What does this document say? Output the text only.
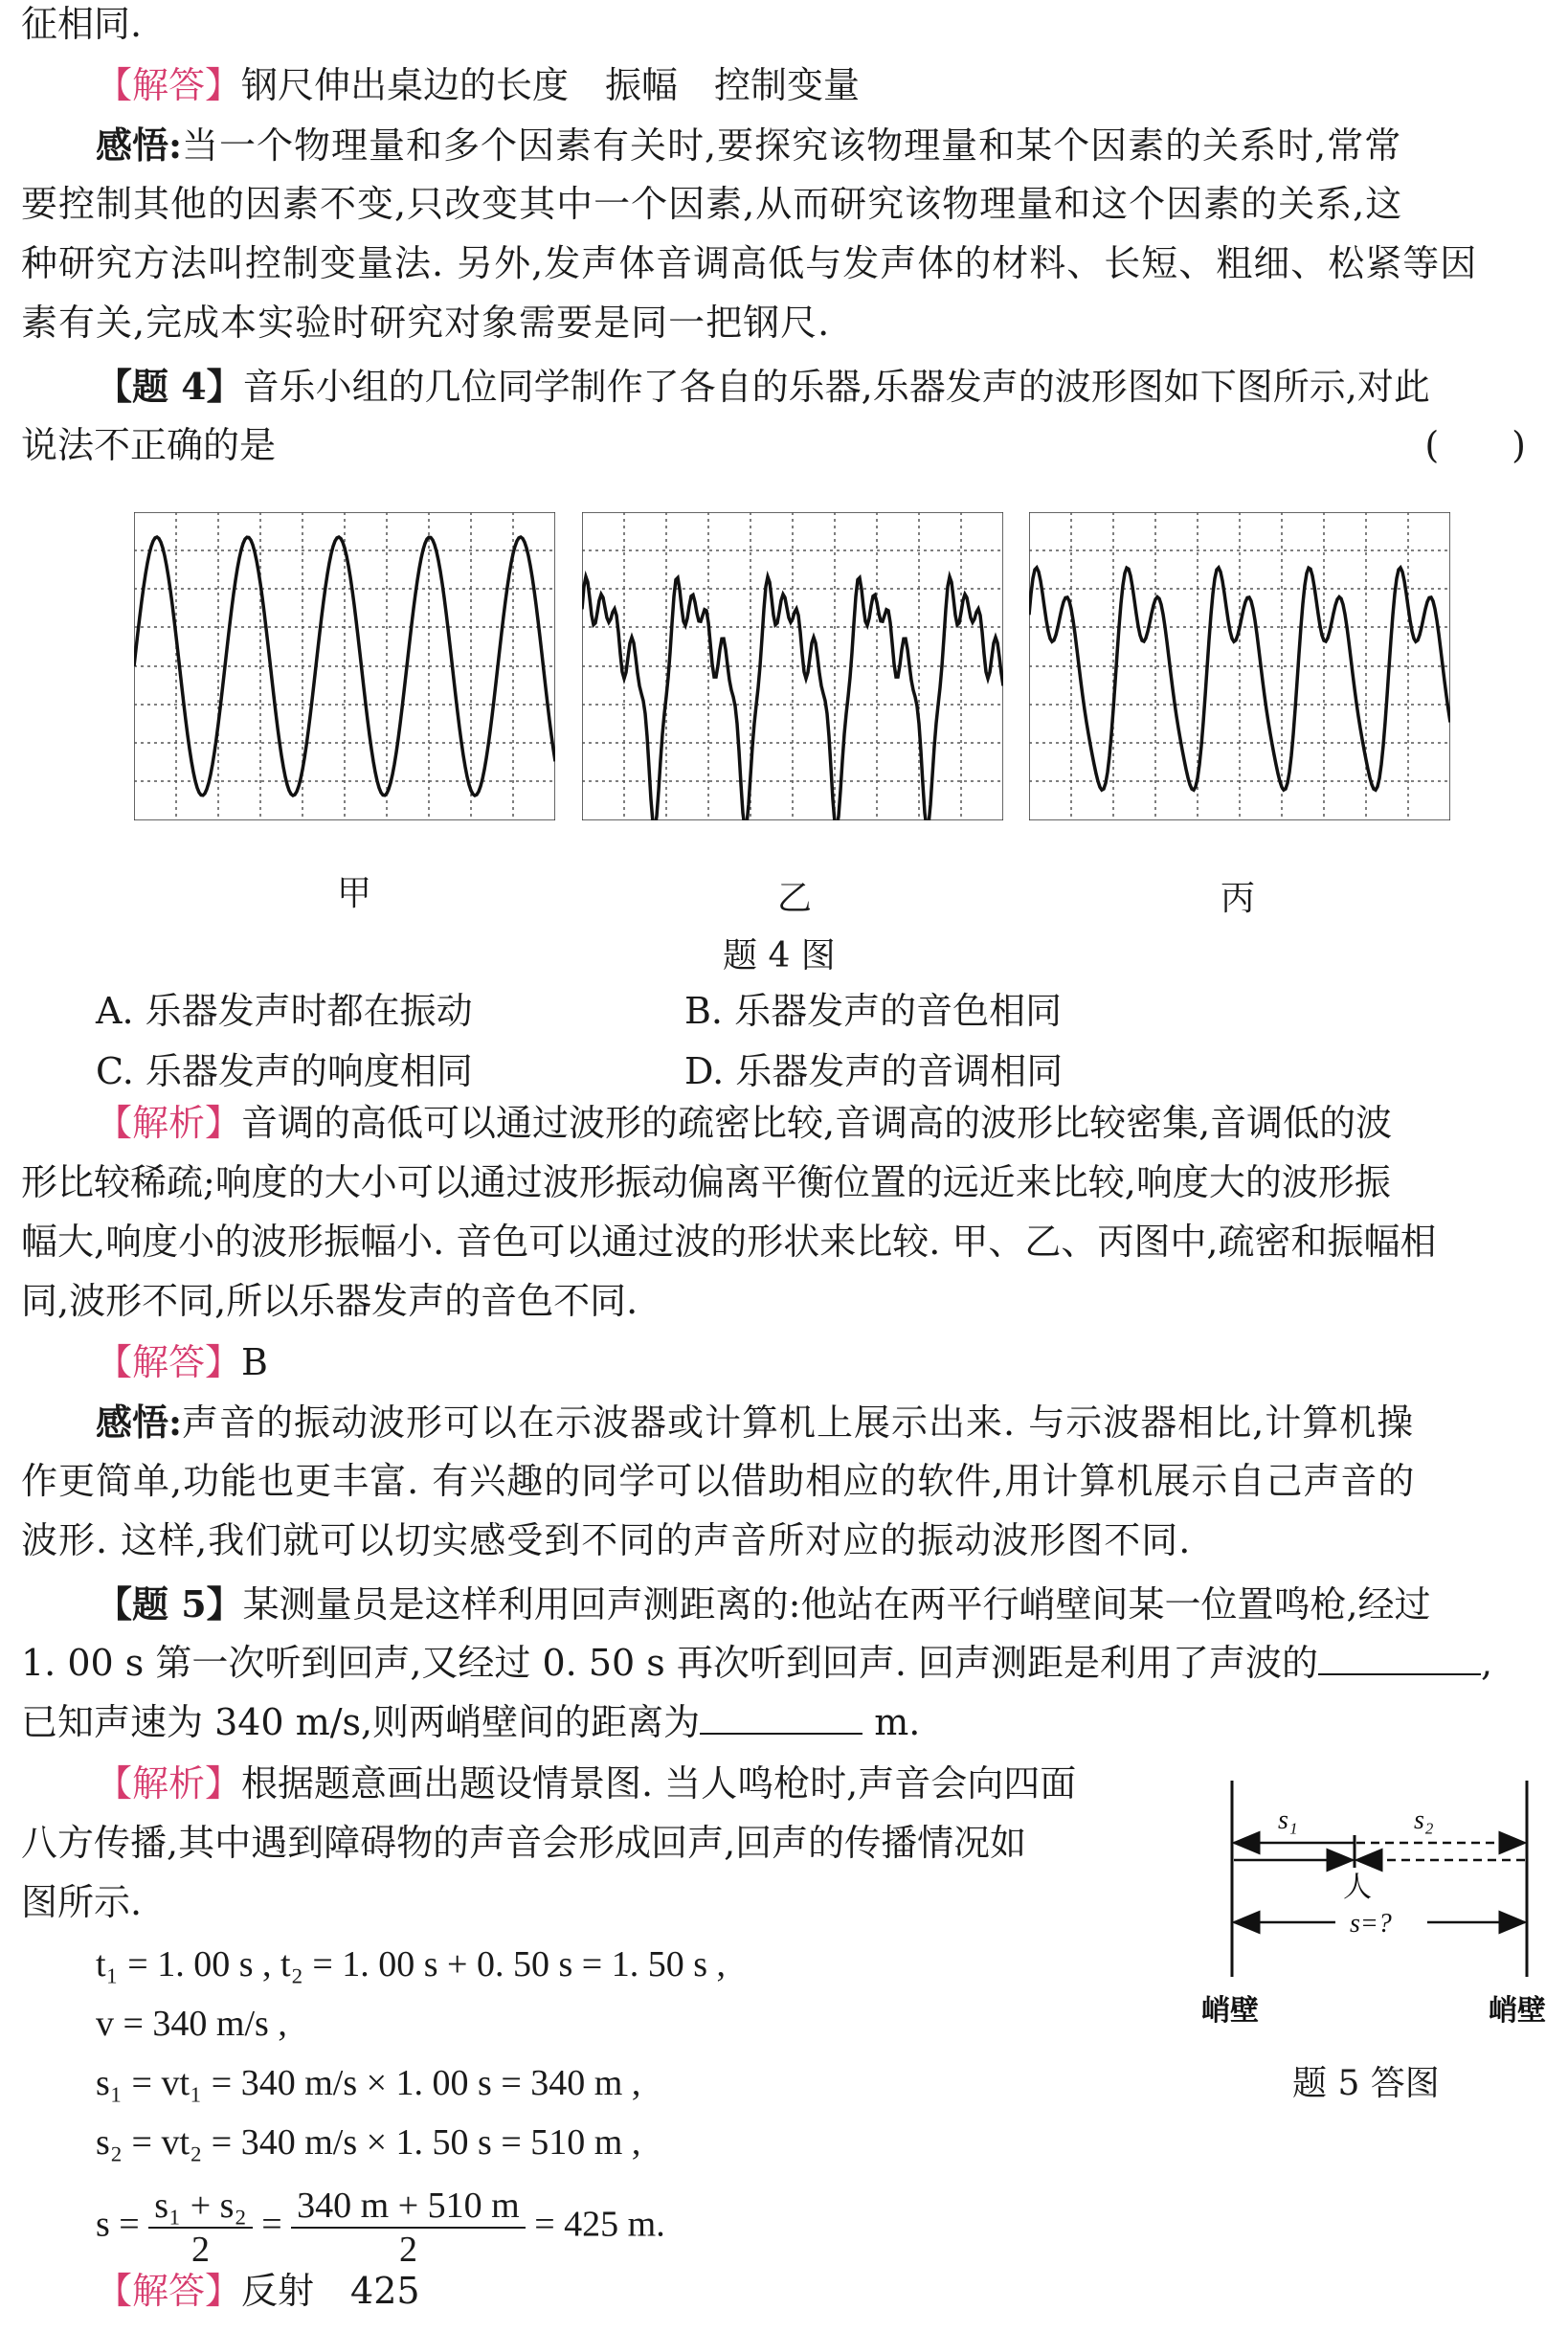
征相同.
【解答】钢尺伸出桌边的长度　振幅　控制变量
感悟:当一个物理量和多个因素有关时,要探究该物理量和某个因素的关系时,常常
要控制其他的因素不变,只改变其中一个因素,从而研究该物理量和这个因素的关系,这
种研究方法叫控制变量法. 另外,发声体音调高低与发声体的材料、长短、粗细、松紧等因
素有关,完成本实验时研究对象需要是同一把钢尺.
【题 4】音乐小组的几位同学制作了各自的乐器,乐器发声的波形图如下图所示,对此
说法不正确的是	(　　)
甲	乙	丙
题 4 图
A. 乐器发声时都在振动	B. 乐器发声的音色相同
C. 乐器发声的响度相同	D. 乐器发声的音调相同
【解析】音调的高低可以通过波形的疏密比较,音调高的波形比较密集,音调低的波
形比较稀疏;响度的大小可以通过波形振动偏离平衡位置的远近来比较,响度大的波形振
幅大,响度小的波形振幅小. 音色可以通过波的形状来比较. 甲、乙、丙图中,疏密和振幅相
同,波形不同,所以乐器发声的音色不同.
【解答】B
感悟:声音的振动波形可以在示波器或计算机上展示出来. 与示波器相比,计算机操
作更简单,功能也更丰富. 有兴趣的同学可以借助相应的软件,用计算机展示自己声音的
波形. 这样,我们就可以切实感受到不同的声音所对应的振动波形图不同.
【题 5】某测量员是这样利用回声测距离的:他站在两平行峭壁间某一位置鸣枪,经过
1. 00 s 第一次听到回声,又经过 0. 50 s 再次听到回声. 回声测距是利用了声波的	,
已知声速为 340 m/s,则两峭壁间的距离为	m.
【解析】根据题意画出题设情景图. 当人鸣枪时,声音会向四面
八方传播,其中遇到障碍物的声音会形成回声,回声的传播情况如
图所示.
t₁ = 1. 00 s , t₂ = 1. 00 s + 0. 50 s = 1. 50 s ,
v = 340 m/s ,
s₁ = vt₁ = 340 m/s × 1. 00 s = 340 m ,
s₂ = vt₂ = 340 m/s × 1. 50 s = 510 m ,
$s = \frac{\text{s₁ + s₂}}{2} = \frac{340 m + 510 m}{2} = 425$ m.
【解答】反射　425
s₁	s₂
人
s=?
峭壁	峭壁
题 5 答图
